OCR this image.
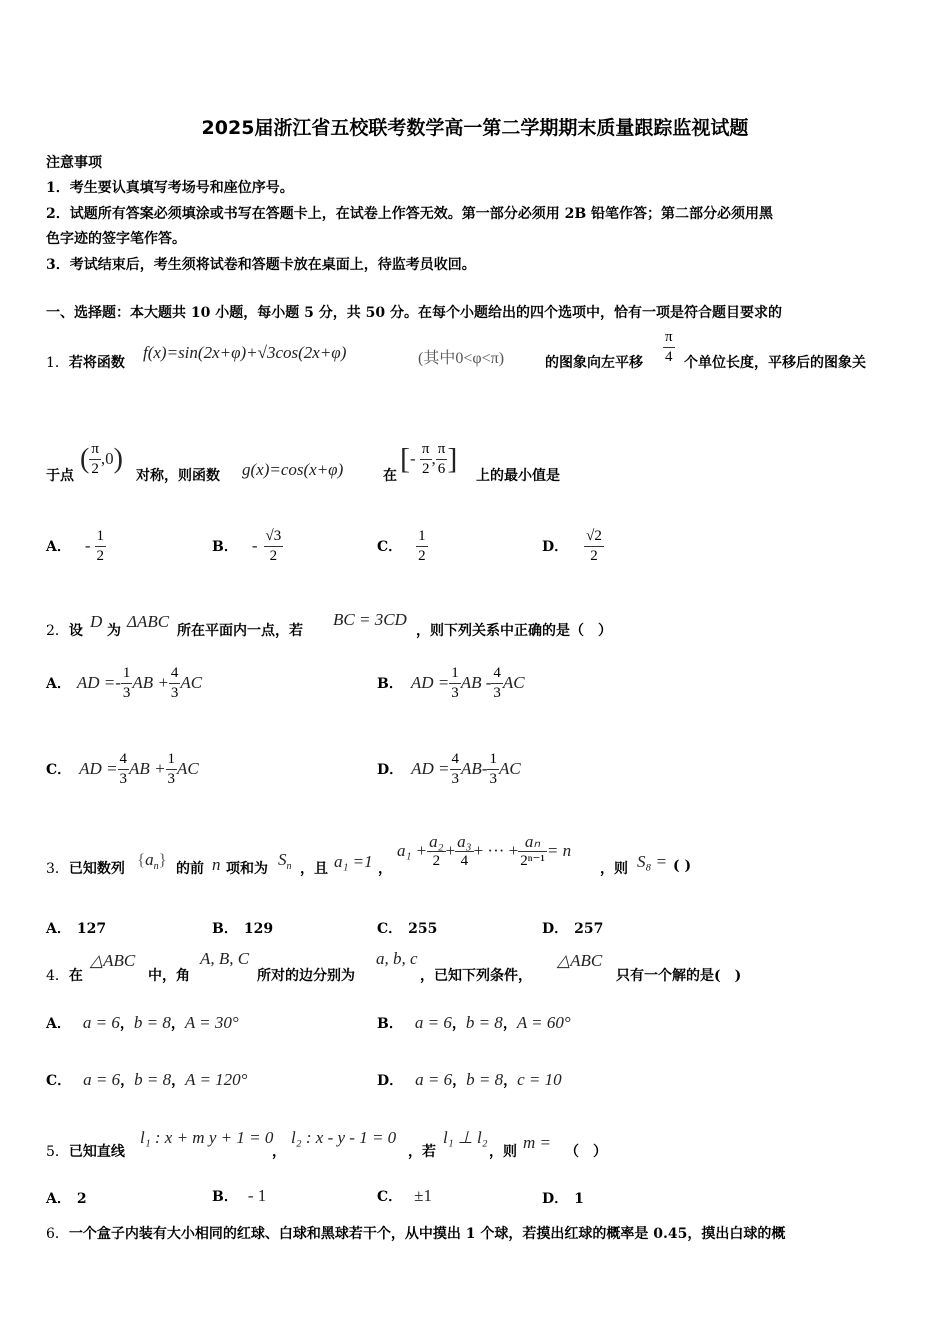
2025届浙江省五校联考数学高一第二学期期末质量跟踪监视试题
注意事项
1．考生要认真填写考场号和座位序号。
2．试题所有答案必须填涂或书写在答题卡上，在试卷上作答无效。第一部分必须用 2B 铅笔作答；第二部分必须用黑
色字迹的签字笔作答。
3．考试结束后，考生须将试卷和答题卡放在桌面上，待监考员收回。
一、选择题：本大题共 10 小题，每小题 5 分，共 50 分。在每个小题给出的四个选项中，恰有一项是符合题目要求的
1．若将函数
f(x)=sin(2x+φ)+√3cos(2x+φ)	(其中0<φ<π)	的图象向左平移 $\frac{\pi}{4}$ 个单位长度，平移后的图象关
于点
( $\frac{\pi}{2} ,0$)
对称，则函数 g(x)=cos(x+φ)	在
[- $\frac{\pi}{2}$ , $\frac{\pi}{6}$ ]
上的最小值是
A． - $\frac{1}{2}$	B． - $\frac{√3}{2}$	C． $\frac{1}{2}$	D． $\frac{√2}{2}$
2．设 D 为 ΔABC 所在平面内一点，若
BC = 3CD
，则下列关系中正确的是（　）
A． AD =- $\frac{1}{3}$ AB + $\frac{4}{3}$ AC	B． AD = $\frac{1}{3}$ AB - $\frac{4}{3}$ AC
C． AD = $\frac{4}{3}$ AB + $\frac{1}{3}$ AC	D． AD = $\frac{4}{3} AB- \frac{1}{3}$ AC
3．已知数列 $\{a_n\}$ 的前 n 项和为 $S_n$ ，且 a₁ =1 ，
$a_1 + \frac{\text{a₂}}{2} + \frac{\text{a₃}}{4}$ + ··· + $\frac{\text{aₙ}}{\text{2ⁿ⁻¹}} = n$
，则 S₈ = ( )
A． 127	B． 129	C． 255	D． 257
4．在
△ABC
中，角
A, B, C
所对的边分别为
a, b, c
，已知下列条件，
△ABC
只有一个解的是(　)
A． a = 6，b = 8，A = 30°	B． a = 6，b = 8，A = 60°
C． a = 6，b = 8，A = 120°	D． a = 6，b = 8，c = 10
5．已知直线
l₁ : x + m y + 1 = 0
，
l₂ : x - y - 1 = 0
，若
l₁ ⊥ l₂
，则 m = （　）
A． 2	B． - 1	C． ±1	D． 1
6．一个盒子内装有大小相同的红球、白球和黑球若干个，从中摸出 1 个球，若摸出红球的概率是 0.45，摸出白球的概
